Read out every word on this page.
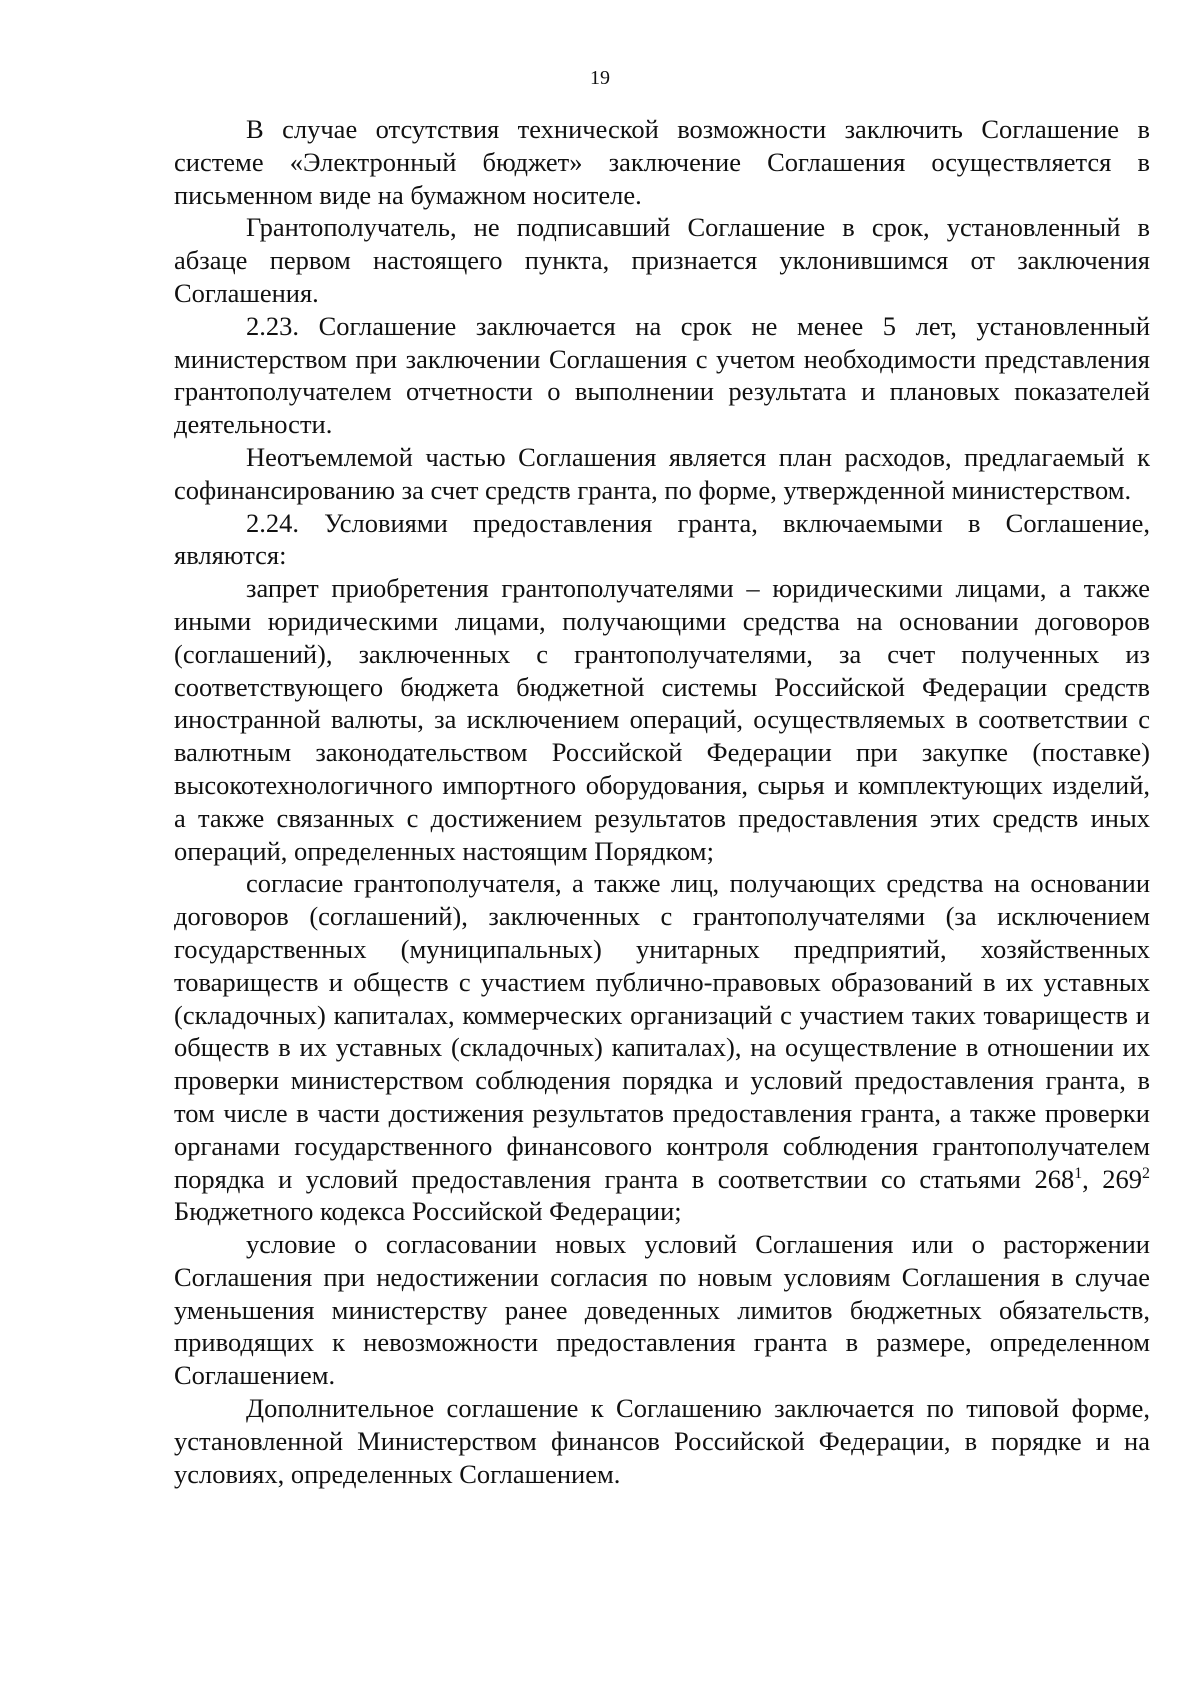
19

В случае отсутствия технической возможности заключить Соглашение в системе «Электронный бюджет» заключение Соглашения осуществляется в письменном виде на бумажном носителе.

Грантополучатель, не подписавший Соглашение в срок, установленный в абзаце первом настоящего пункта, признается уклонившимся от заключения Соглашения.

2.23. Соглашение заключается на срок не менее 5 лет, установленный министерством при заключении Соглашения с учетом необходимости представления грантополучателем отчетности о выполнении результата и плановых показателей деятельности.

Неотъемлемой частью Соглашения является план расходов, предлагаемый к софинансированию за счет средств гранта, по форме, утвержденной министерством.

2.24. Условиями предоставления гранта, включаемыми в Соглашение, являются:

запрет приобретения грантополучателями – юридическими лицами, а также иными юридическими лицами, получающими средства на основании договоров (соглашений), заключенных с грантополучателями, за счет полученных из соответствующего бюджета бюджетной системы Российской Федерации средств иностранной валюты, за исключением операций, осуществляемых в соответствии с валютным законодательством Российской Федерации при закупке (поставке) высокотехнологичного импортного оборудования, сырья и комплектующих изделий, а также связанных с достижением результатов предоставления этих средств иных операций, определенных настоящим Порядком;

согласие грантополучателя, а также лиц, получающих средства на основании договоров (соглашений), заключенных с грантополучателями (за исключением государственных (муниципальных) унитарных предприятий, хозяйственных товариществ и обществ с участием публично-правовых образований в их уставных (складочных) капиталах, коммерческих организаций с участием таких товариществ и обществ в их уставных (складочных) капиталах), на осуществление в отношении их проверки министерством соблюдения порядка и условий предоставления гранта, в том числе в части достижения результатов предоставления гранта, а также проверки органами государственного финансового контроля соблюдения грантополучателем порядка и условий предоставления гранта в соответствии со статьями $268^1$, $269^2$ Бюджетного кодекса Российской Федерации;

условие о согласовании новых условий Соглашения или о расторжении Соглашения при недостижении согласия по новым условиям Соглашения в случае уменьшения министерству ранее доведенных лимитов бюджетных обязательств, приводящих к невозможности предоставления гранта в размере, определенном Соглашением.

Дополнительное соглашение к Соглашению заключается по типовой форме, установленной Министерством финансов Российской Федерации, в порядке и на условиях, определенных Соглашением.
